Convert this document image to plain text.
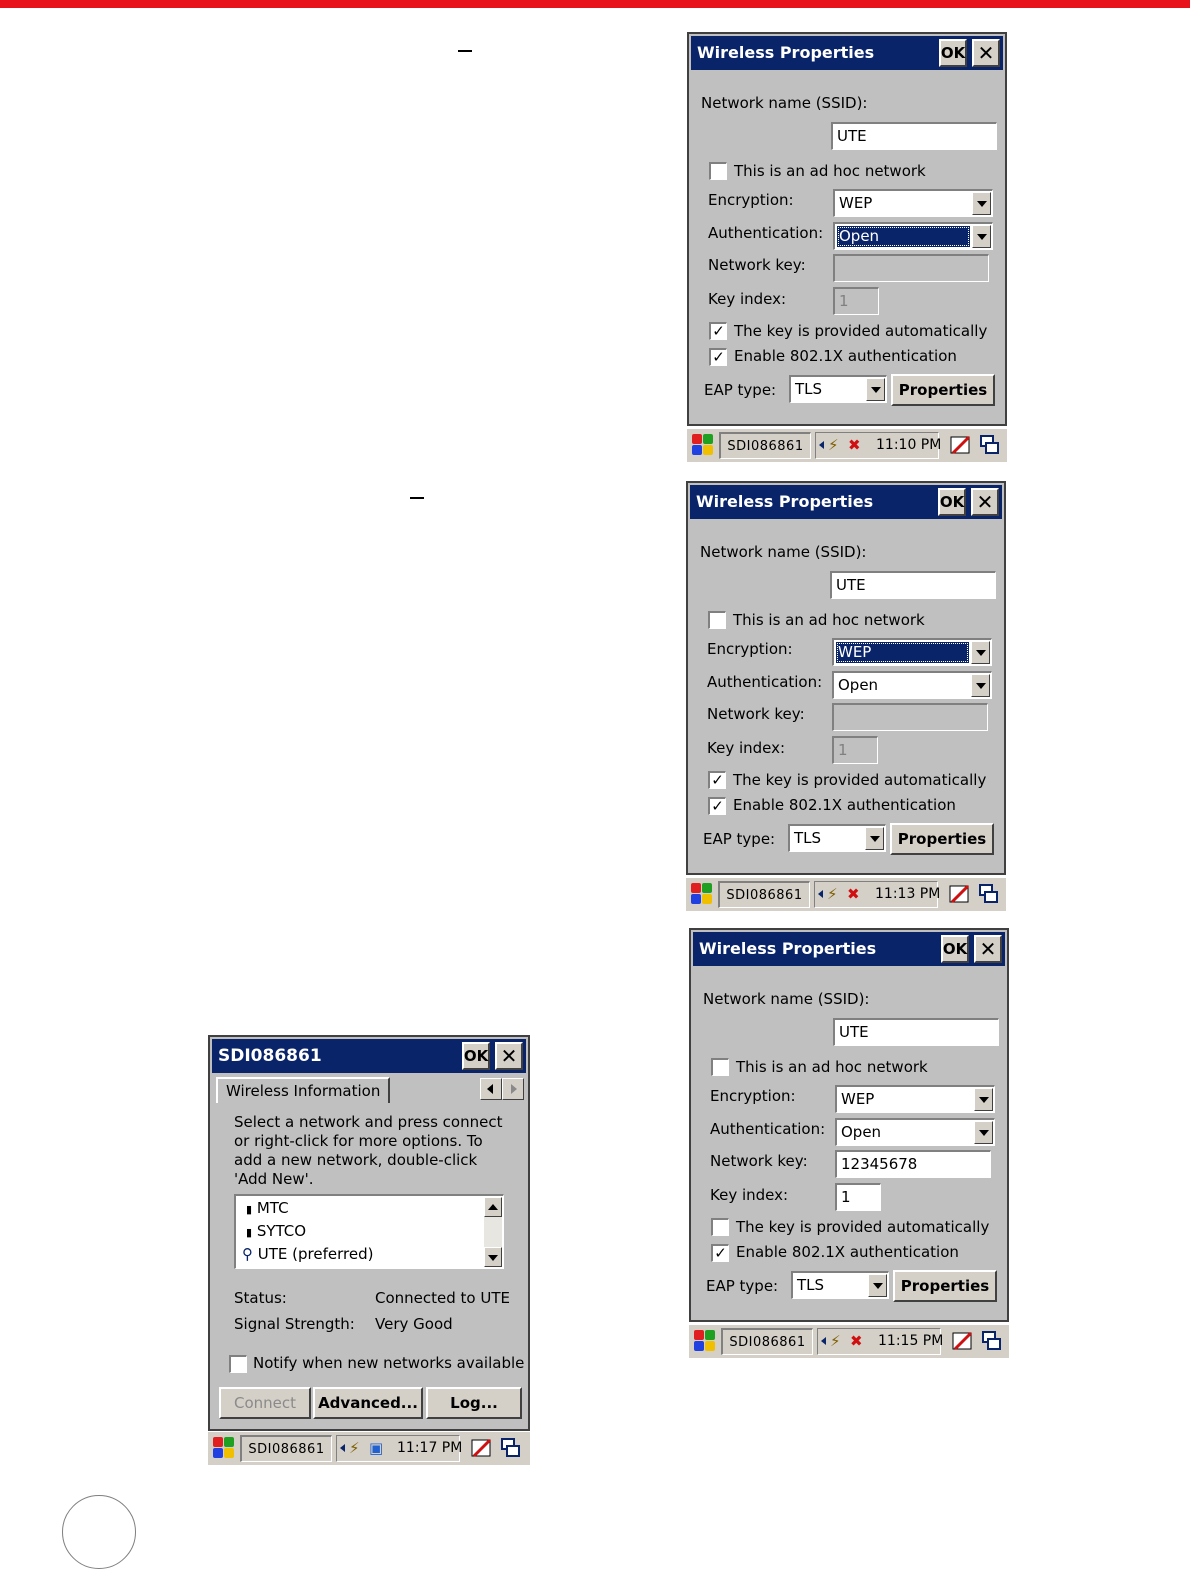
Wireless Properties	OK ✕
Network name (SSID):
UTE
This is an ad hoc network
Encryption:	WEP
Authentication: Open
Network key:
Key index:	1
✓ The key is provided automatically
✓ Enable 802.1X authentication
EAP type: TLS	Properties
SDI086861	⚡ ✖	11:10 PM
Wireless Properties	OK ✕
Network name (SSID):
UTE
This is an ad hoc network
Encryption:	WEP
Authentication: Open
Network key:
Key index:	1
✓ The key is provided automatically
✓ Enable 802.1X authentication
EAP type: TLS	Properties
SDI086861	⚡ ✖	11:13 PM
Wireless Properties	OK ✕
Network name (SSID):
UTE
This is an ad hoc network
Encryption:	WEP
Authentication: Open
Network key:	12345678
Key index:	1
The key is provided automatically
✓ Enable 802.1X authentication
EAP type: TLS	Properties
SDI086861	⚡ ✖	11:15 PM
SDI086861	OK ✕
Wireless Information
Select a network and press connect
or right-click for more options. To
add a new network, double-click
'Add New'.
▮ MTC
▮ SYTCO
⚲ UTE (preferred)
Status:	Connected to UTE
Signal Strength: Very Good
Notify when new networks available
Connect	Advanced...	Log...
SDI086861	⚡ ▣ 11:17 PM
